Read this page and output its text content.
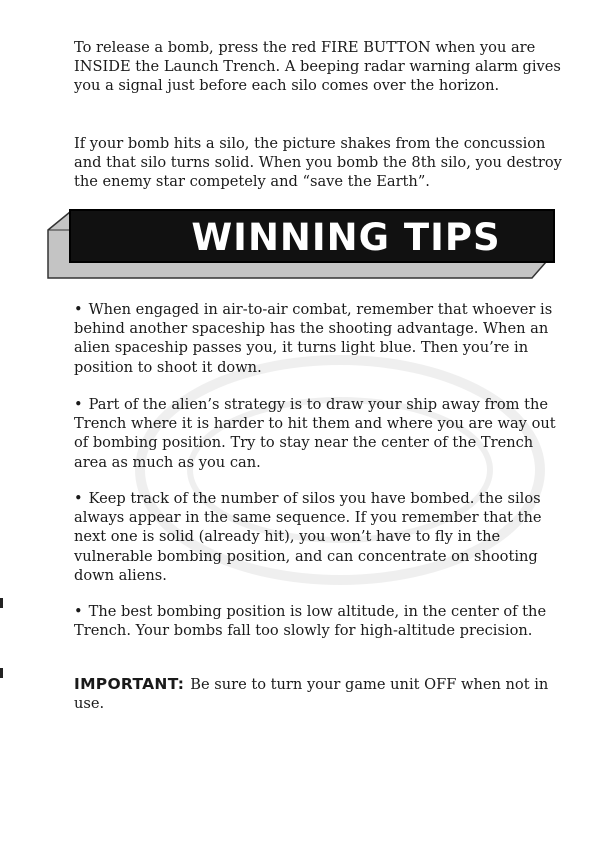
To release a bomb, press the red FIRE BUTTON when you are INSIDE the Launch Trench. A beeping radar warning alarm gives you a signal just before each silo comes over the horizon.

If your bomb hits a silo, the picture shakes from the concussion and that silo turns solid. When you bomb the 8th silo, you destroy the enemy star competely and “save the Earth”.

WINNING TIPS

• When engaged in air-to-air combat, remember that whoever is behind another spaceship has the shooting advantage. When an alien spaceship passes you, it turns light blue. Then you’re in position to shoot it down.

• Part of the alien’s strategy is to draw your ship away from the Trench where it is harder to hit them and where you are way out of bombing position. Try to stay near the center of the Trench area as much as you can.

• Keep track of the number of silos you have bombed. the silos always appear in the same sequence. If you remember that the next one is solid (already hit), you won’t have to fly in the vulnerable bombing position, and can concentrate on shooting down aliens.

• The best bombing position is low altitude, in the center of the Trench. Your bombs fall too slowly for high-altitude precision.

IMPORTANT: Be sure to turn your game unit OFF when not in use.
